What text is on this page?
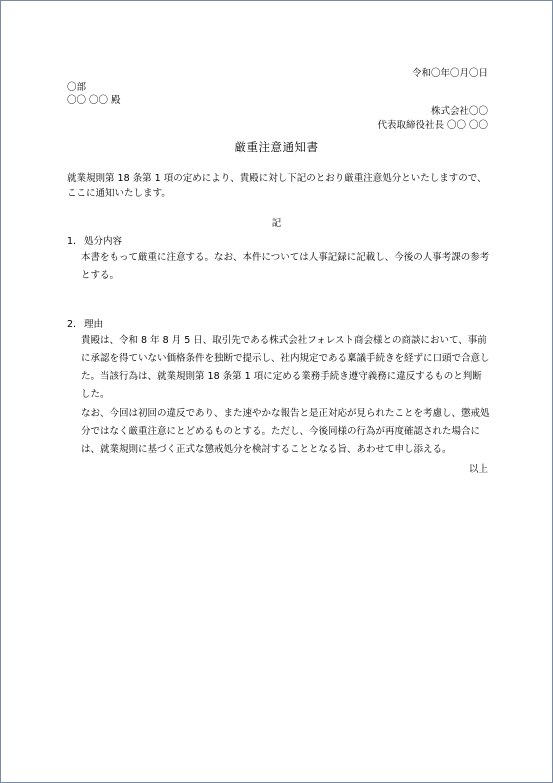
令和〇年〇月〇日
〇部
〇〇 〇〇 殿
株式会社〇〇
代表取締役社長 〇〇 〇〇
厳重注意通知書
就業規則第 18 条第 1 項の定めにより、貴殿に対し下記のとおり厳重注意処分といたしますので、ここに通知いたします。
記
1. 処分内容
本書をもって厳重に注意する。なお、本件については人事記録に記載し、今後の人事考課の参考とする。
2. 理由
貴殿は、令和 8 年 8 月 5 日、取引先である株式会社フォレスト商会様との商談において、事前に承認を得ていない価格条件を独断で提示し、社内規定である稟議手続きを経ずに口頭で合意した。当該行為は、就業規則第 18 条第 1 項に定める業務手続き遵守義務に違反するものと判断した。
なお、今回は初回の違反であり、また速やかな報告と是正対応が見られたことを考慮し、懲戒処分ではなく厳重注意にとどめるものとする。ただし、今後同様の行為が再度確認された場合には、就業規則に基づく正式な懲戒処分を検討することとなる旨、あわせて申し添える。
以上
